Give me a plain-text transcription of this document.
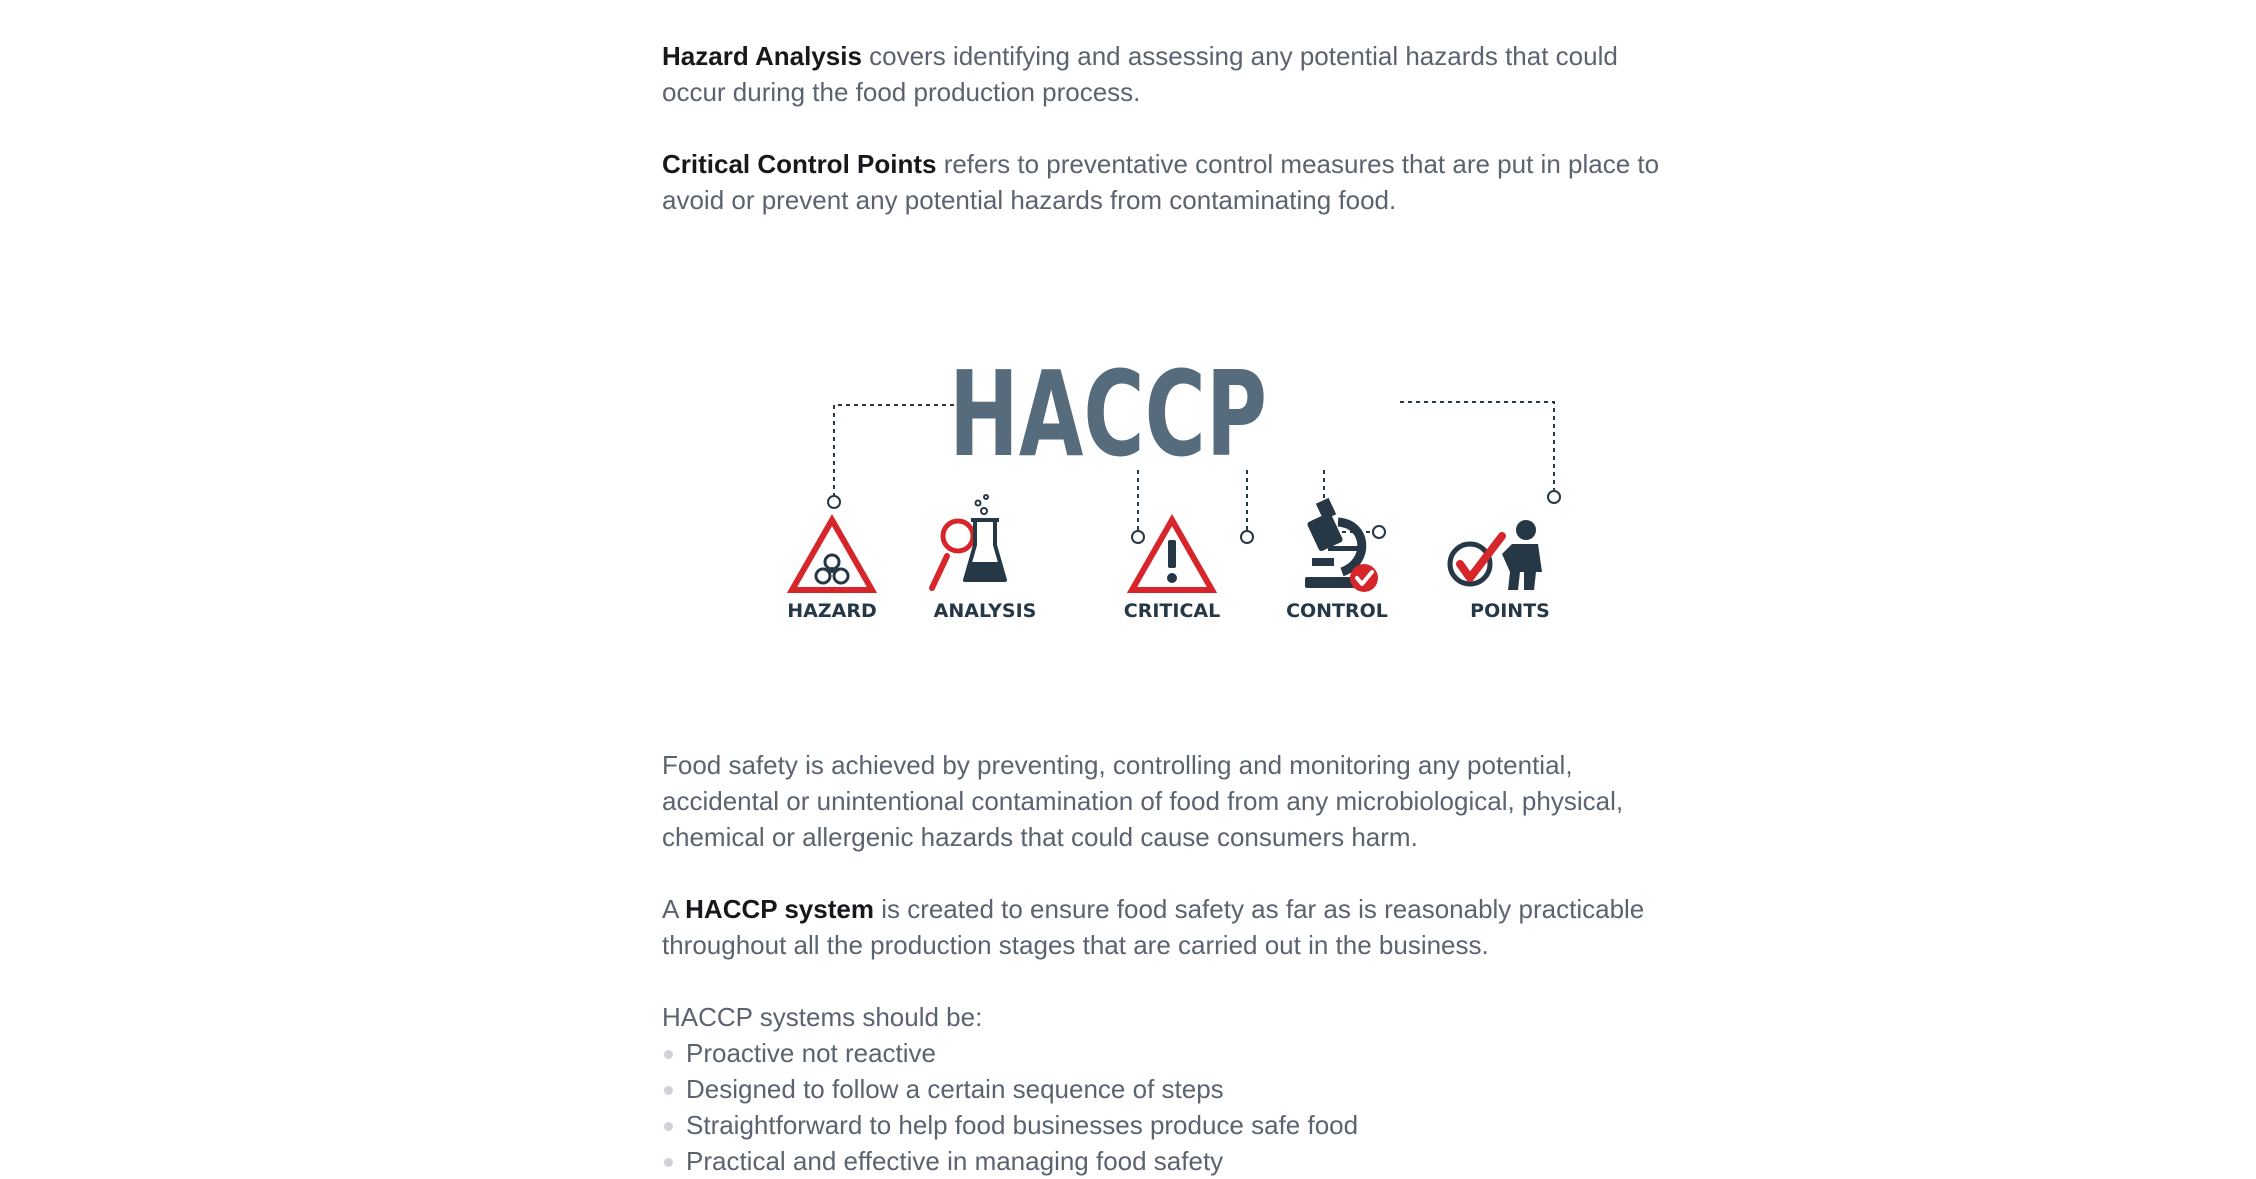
Hazard Analysis covers identifying and assessing any potential hazards that could occur during the food production process.

Critical Control Points refers to preventative control measures that are put in place to avoid or prevent any potential hazards from contaminating food.

HACCP
HAZARD	ANALYSIS	CRITICAL	CONTROL	POINTS

Food safety is achieved by preventing, controlling and monitoring any potential, accidental or unintentional contamination of food from any microbiological, physical, chemical or allergenic hazards that could cause consumers harm.

A HACCP system is created to ensure food safety as far as is reasonably practicable throughout all the production stages that are carried out in the business.

HACCP systems should be:

Proactive not reactive
Designed to follow a certain sequence of steps
Straightforward to help food businesses produce safe food
Practical and effective in managing food safety
